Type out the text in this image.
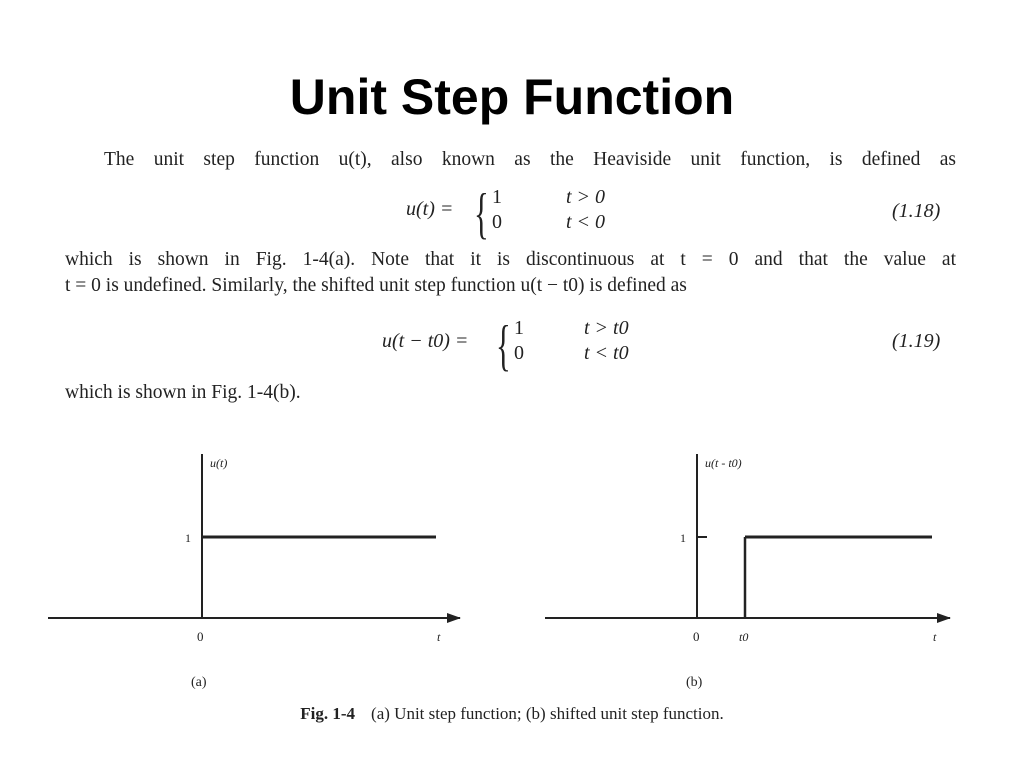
Unit Step Function
The unit step function u(t), also known as the Heaviside unit function, is defined as
u(t) = { 1	t > 0
0	t < 0	(1.18)
which is shown in Fig. 1-4(a). Note that it is discontinuous at t = 0 and that the value at
t = 0 is undefined. Similarly, the shifted unit step function u(t − t0) is defined as
u(t − t0) = { 1	t > t0
0	t < t0
(1.19)
which is shown in Fig. 1-4(b).
u(t)
1
0	t
(a)
u(t - t0)
1
0	t0	t
(b)
Fig. 1-4 (a) Unit step function; (b) shifted unit step function.
